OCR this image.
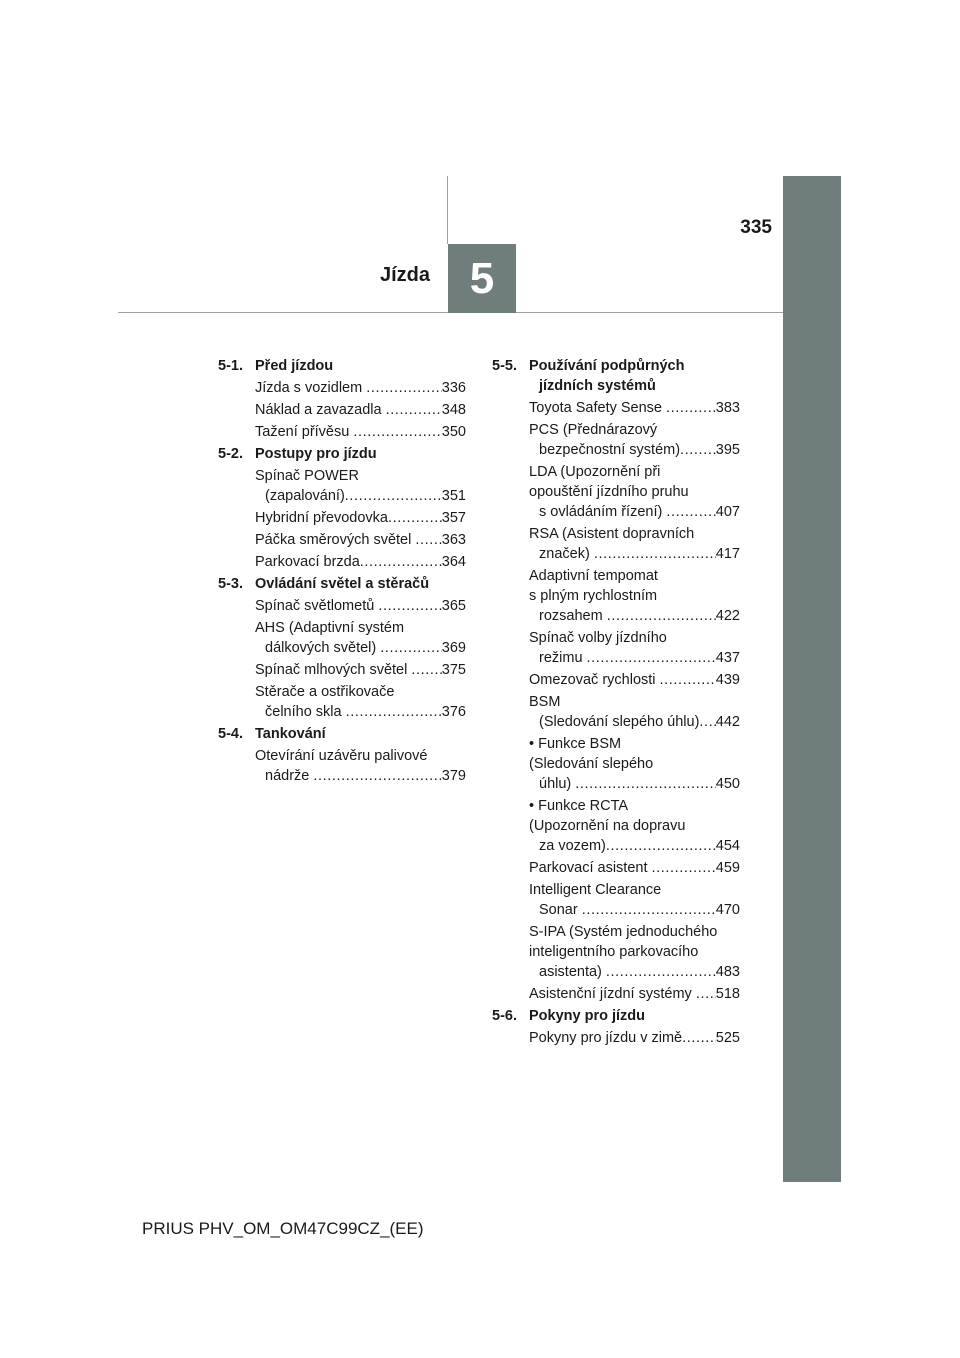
5
Jízda
335
5-1. Před jízdou
Jízda s vozidlem .....	336
Náklad a zavazadla .....	348
Tažení přívěsu .....	350
5-2. Postupy pro jízdu
Spínač POWER
(zapalování) .....	351
Hybridní převodovka .....	357
Páčka směrových světel ..... 363
Parkovací brzda .....	364
5-3. Ovládání světel a stěračů
Spínač světlometů .....	365
AHS (Adaptivní systém
dálkových světel) .....	369
Spínač mlhových světel ..... 375
Stěrače a ostřikovače
čelního skla .....	376
5-4. Tankování
Otevírání uzávěru palivové
nádrže .....	379
5-5. Používání podpůrných
jízdních systémů
Toyota Safety Sense .....	383
PCS (Přednárazový
bezpečnostní systém) ..... 395
LDA (Upozornění při
opouštění jízdního pruhu
s ovládáním řízení) .....	407
RSA (Asistent dopravních
značek) .....	417
Adaptivní tempomat
s plným rychlostním
rozsahem .....	422
Spínač volby jízdního
režimu .....	437
Omezovač rychlosti .....	439
BSM
(Sledování slepého úhlu) ..... 442
• Funkce BSM
(Sledování slepého
úhlu) .....	450
• Funkce RCTA
(Upozornění na dopravu
za vozem) .....	454
Parkovací asistent .....	459
Intelligent Clearance
Sonar .....	470
S-IPA (Systém jednoduchého
inteligentního parkovacího
asistenta) .....	483
Asistenční jízdní systémy ..... 518
5-6. Pokyny pro jízdu
Pokyny pro jízdu v zimě ..... 525
PRIUS PHV_OM_OM47C99CZ_(EE)
